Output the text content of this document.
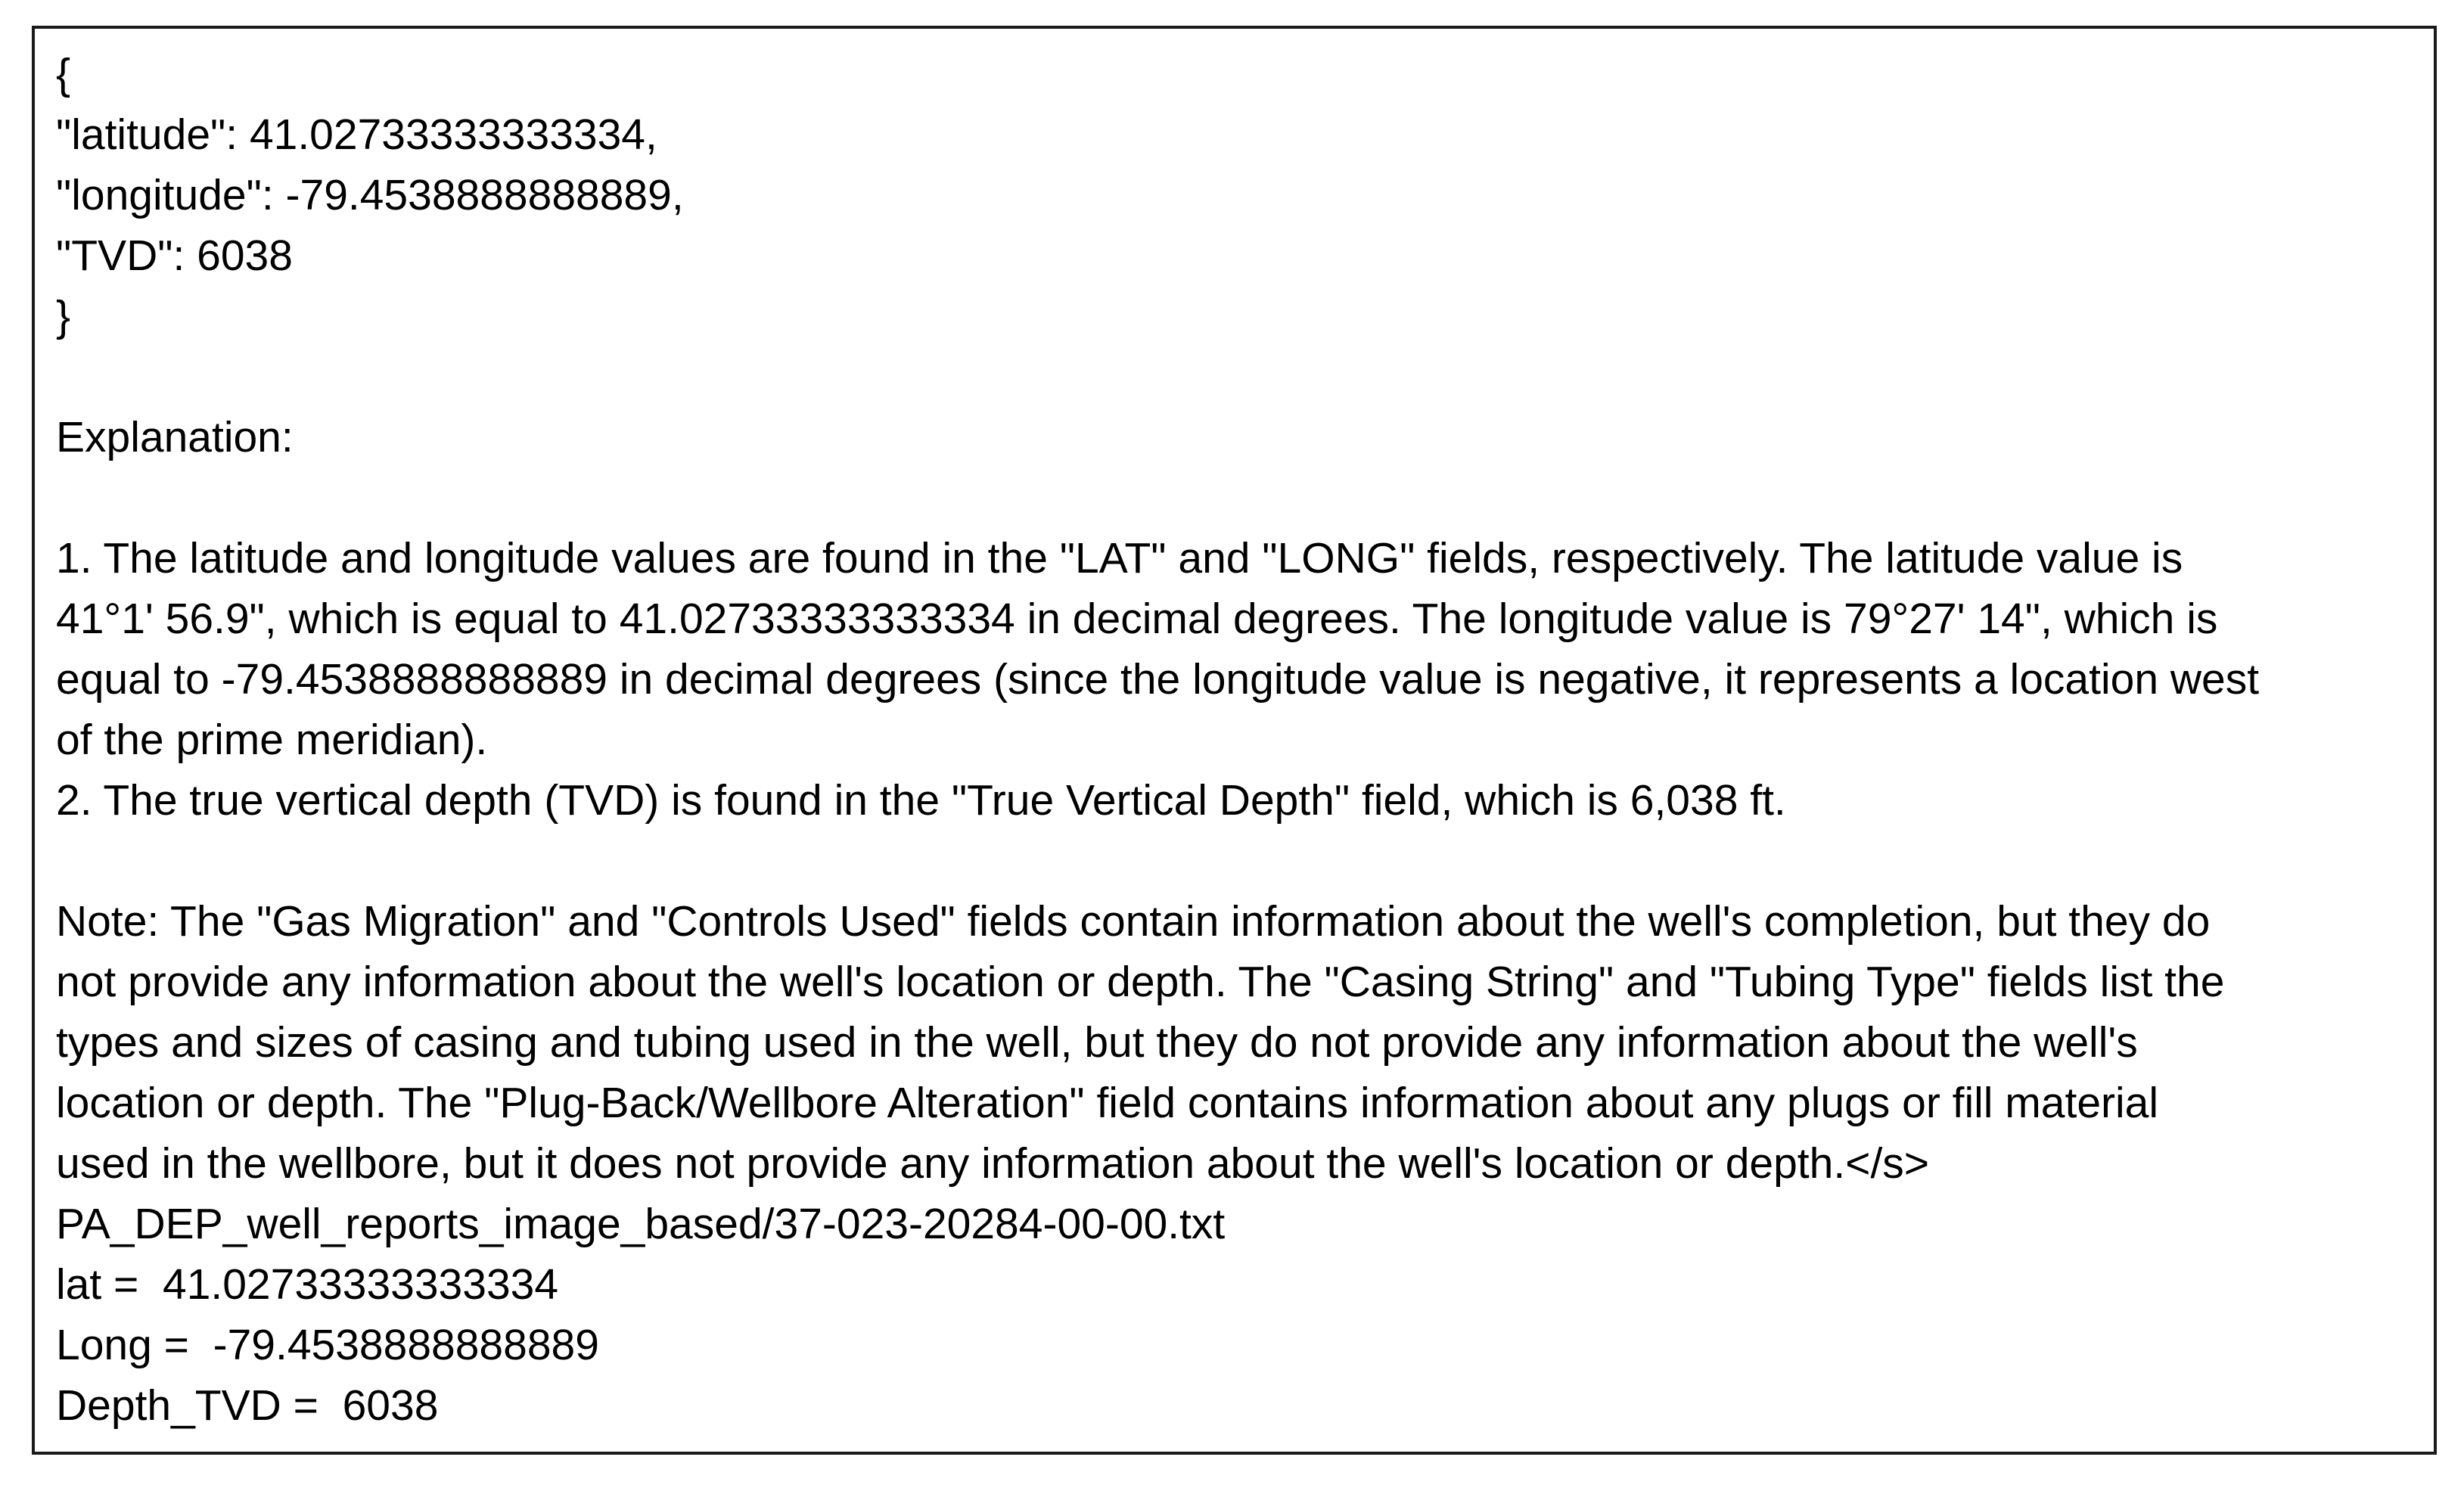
{

"latitude": 41.02733333333334,

"longitude": -79.4538888888889,

"TVD": 6038

}

Explanation:

1. The latitude and longitude values are found in the "LAT" and "LONG" fields, respectively. The latitude value is

41°1' 56.9", which is equal to 41.02733333333334 in decimal degrees. The longitude value is 79°27' 14", which is

equal to -79.4538888888889 in decimal degrees (since the longitude value is negative, it represents a location west

of the prime meridian).

2. The true vertical depth (TVD) is found in the "True Vertical Depth" field, which is 6,038 ft.

Note: The "Gas Migration" and "Controls Used" fields contain information about the well's completion, but they do

not provide any information about the well's location or depth. The "Casing String" and "Tubing Type" fields list the

types and sizes of casing and tubing used in the well, but they do not provide any information about the well's

location or depth. The "Plug-Back/Wellbore Alteration" field contains information about any plugs or fill material

used in the wellbore, but it does not provide any information about the well's location or depth.</s>

PA_DEP_well_reports_image_based/37-023-20284-00-00.txt

lat =  41.02733333333334

Long =  -79.4538888888889

Depth_TVD =  6038
